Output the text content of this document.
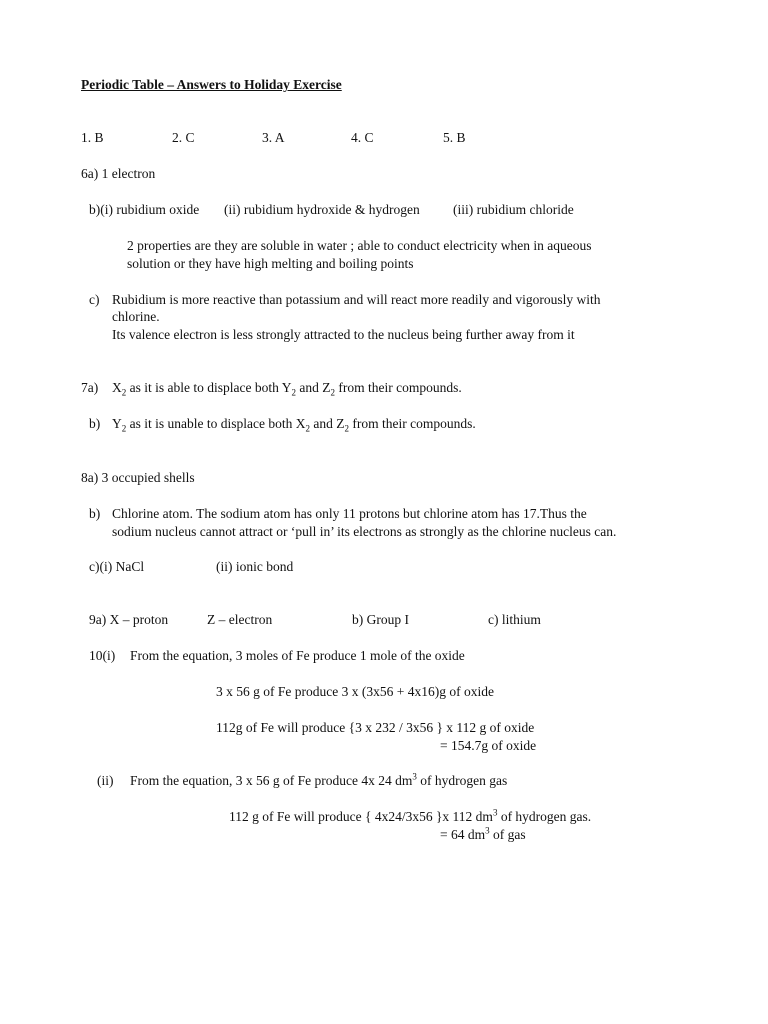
Periodic Table – Answers to Holiday Exercise
1. B	2. C	3. A	4. C	5. B
6a) 1 electron
b)(i) rubidium oxide (ii) rubidium hydroxide & hydrogen (iii) rubidium chloride
2 properties are they are soluble in water ; able to conduct electricity when in aqueous
solution or they have high melting and boiling points
c) Rubidium is more reactive than potassium and will react more readily and vigorously with
chlorine.
Its valence electron is less strongly attracted to the nucleus being further away from it
7a) $X_2$ as it is able to displace both $Y_2$ and $Z_2$ from their compounds.
b) $Y_2$ as it is unable to displace both $X_2$ and $Z_2$ from their compounds.
8a) 3 occupied shells
b) Chlorine atom. The sodium atom has only 11 protons but chlorine atom has 17.Thus the
sodium nucleus cannot attract or ‘pull in’ its electrons as strongly as the chlorine nucleus can.
c)(i) NaCl	(ii) ionic bond
9a) X – proton	Z – electron	b) Group I	c) lithium
10(i) From the equation, 3 moles of Fe produce 1 mole of the oxide
3 x 56 g of Fe produce 3 x (3x56 + 4x16)g of oxide
112g of Fe will produce {3 x 232 / 3x56 } x 112 g of oxide
= 154.7g of oxide
(ii) From the equation, 3 x 56 g of Fe produce 4x 24 $dm^3$ of hydrogen gas
112 g of Fe will produce { 4x24/3x56 }x 112 $dm^3$ of hydrogen gas.
= 64 $dm^3$ of gas
